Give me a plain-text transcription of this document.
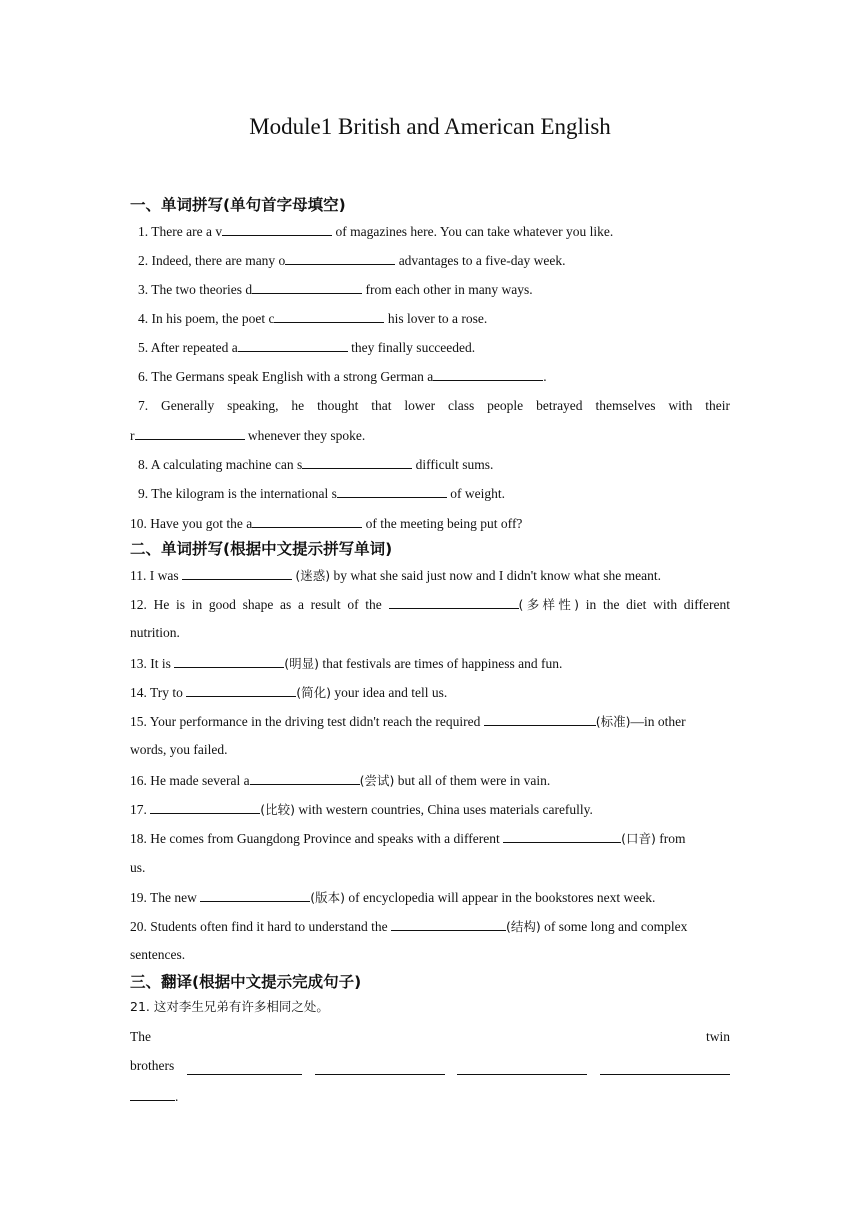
Module1 British and American English
一、单词拼写(单句首字母填空)
1. There are a v	of magazines here. You can take whatever you like.
2. Indeed, there are many o	advantages to a five-day week.
3. The two theories d	from each other in many ways.
4. In his poem, the poet c	his lover to a rose.
5. After repeated a	they finally succeeded.
6. The Germans speak English with a strong German a	.
7. Generally speaking, he thought that lower class people betrayed themselves with their
r	whenever they spoke.
8. A calculating machine can s	difficult sums.
9. The kilogram is the international s	of weight.
10. Have you got the a	of the meeting being put off?
二、单词拼写(根据中文提示拼写单词)
11. I was	(迷惑) by what she said just now and I didn't know what she meant.
12. He is in good shape as a result of the	(多样性) in the diet with different
nutrition.
13. It is	(明显) that festivals are times of happiness and fun.
14. Try to	(简化) your idea and tell us.
15. Your performance in the driving test didn't reach the required	(标准)—in other
words, you failed.
16. He made several a	(尝试) but all of them were in vain.
17.	(比较) with western countries, China uses materials carefully.
18. He comes from Guangdong Province and speaks with a different	(口音) from
us.
19. The new	(版本) of encyclopedia will appear in the bookstores next week.
20. Students often find it hard to understand the	(结构) of some long and complex
sentences.
三、翻译(根据中文提示完成句子)
21. 这对李生兄弟有许多相同之处。
The	twin
brothers
.
